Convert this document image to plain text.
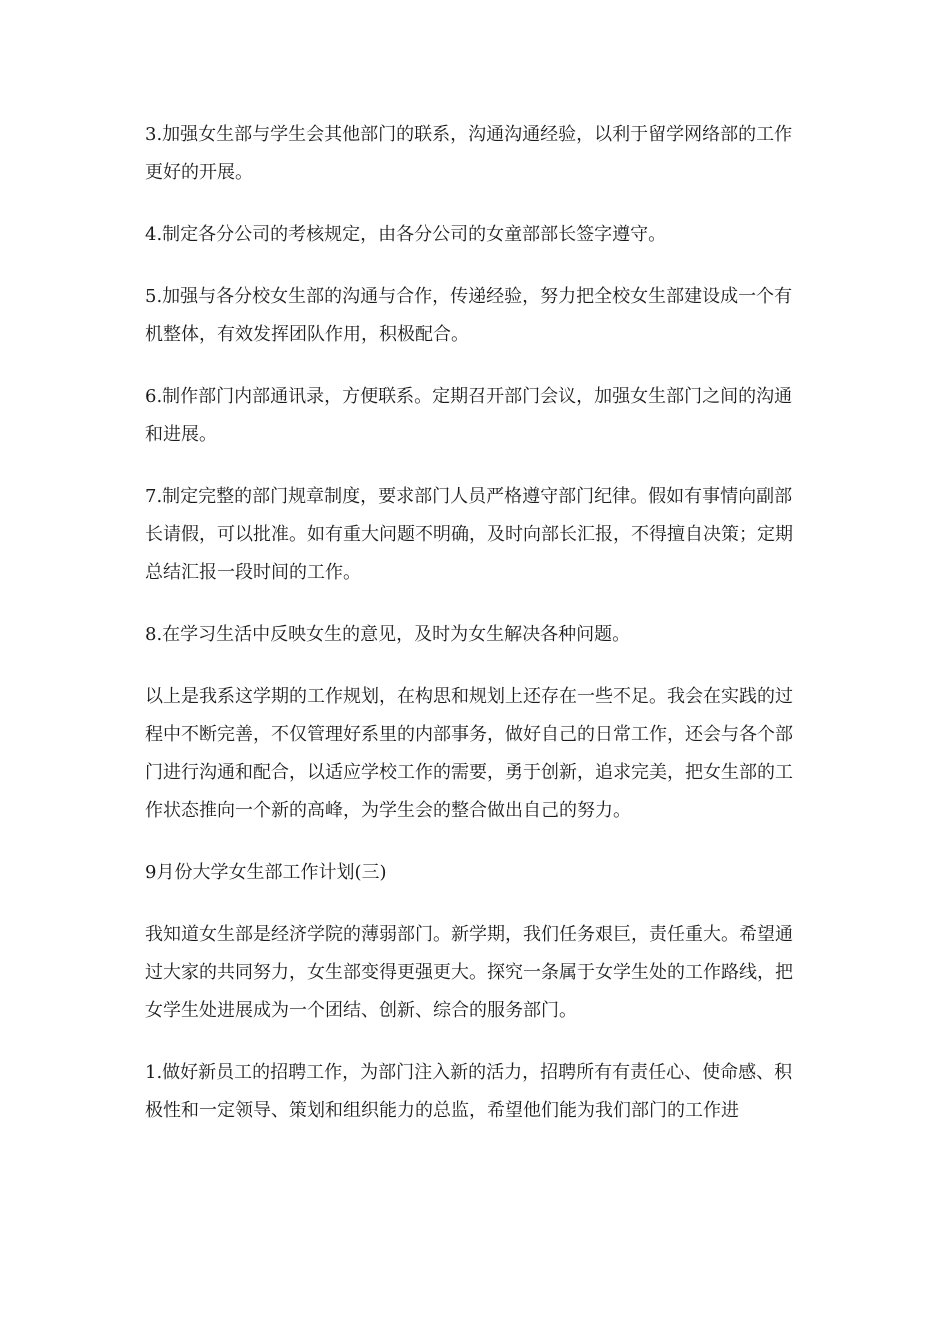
3.加强女生部与学生会其他部门的联系，沟通沟通经验，以利于留学网络部的工作更好的开展。

4.制定各分公司的考核规定，由各分公司的女童部部长签字遵守。

5.加强与各分校女生部的沟通与合作，传递经验，努力把全校女生部建设成一个有机整体，有效发挥团队作用，积极配合。

6.制作部门内部通讯录，方便联系。定期召开部门会议，加强女生部门之间的沟通和进展。

7.制定完整的部门规章制度，要求部门人员严格遵守部门纪律。假如有事情向副部长请假，可以批准。如有重大问题不明确，及时向部长汇报，不得擅自决策；定期总结汇报一段时间的工作。

8.在学习生活中反映女生的意见，及时为女生解决各种问题。

以上是我系这学期的工作规划，在构思和规划上还存在一些不足。我会在实践的过程中不断完善，不仅管理好系里的内部事务，做好自己的日常工作，还会与各个部门进行沟通和配合，以适应学校工作的需要，勇于创新，追求完美，把女生部的工作状态推向一个新的高峰，为学生会的整合做出自己的努力。

9月份大学女生部工作计划(三)

我知道女生部是经济学院的薄弱部门。新学期，我们任务艰巨，责任重大。希望通过大家的共同努力，女生部变得更强更大。探究一条属于女学生处的工作路线，把女学生处进展成为一个团结、创新、综合的服务部门。

1.做好新员工的招聘工作，为部门注入新的活力，招聘所有有责任心、使命感、积极性和一定领导、策划和组织能力的总监，希望他们能为我们部门的工作进
